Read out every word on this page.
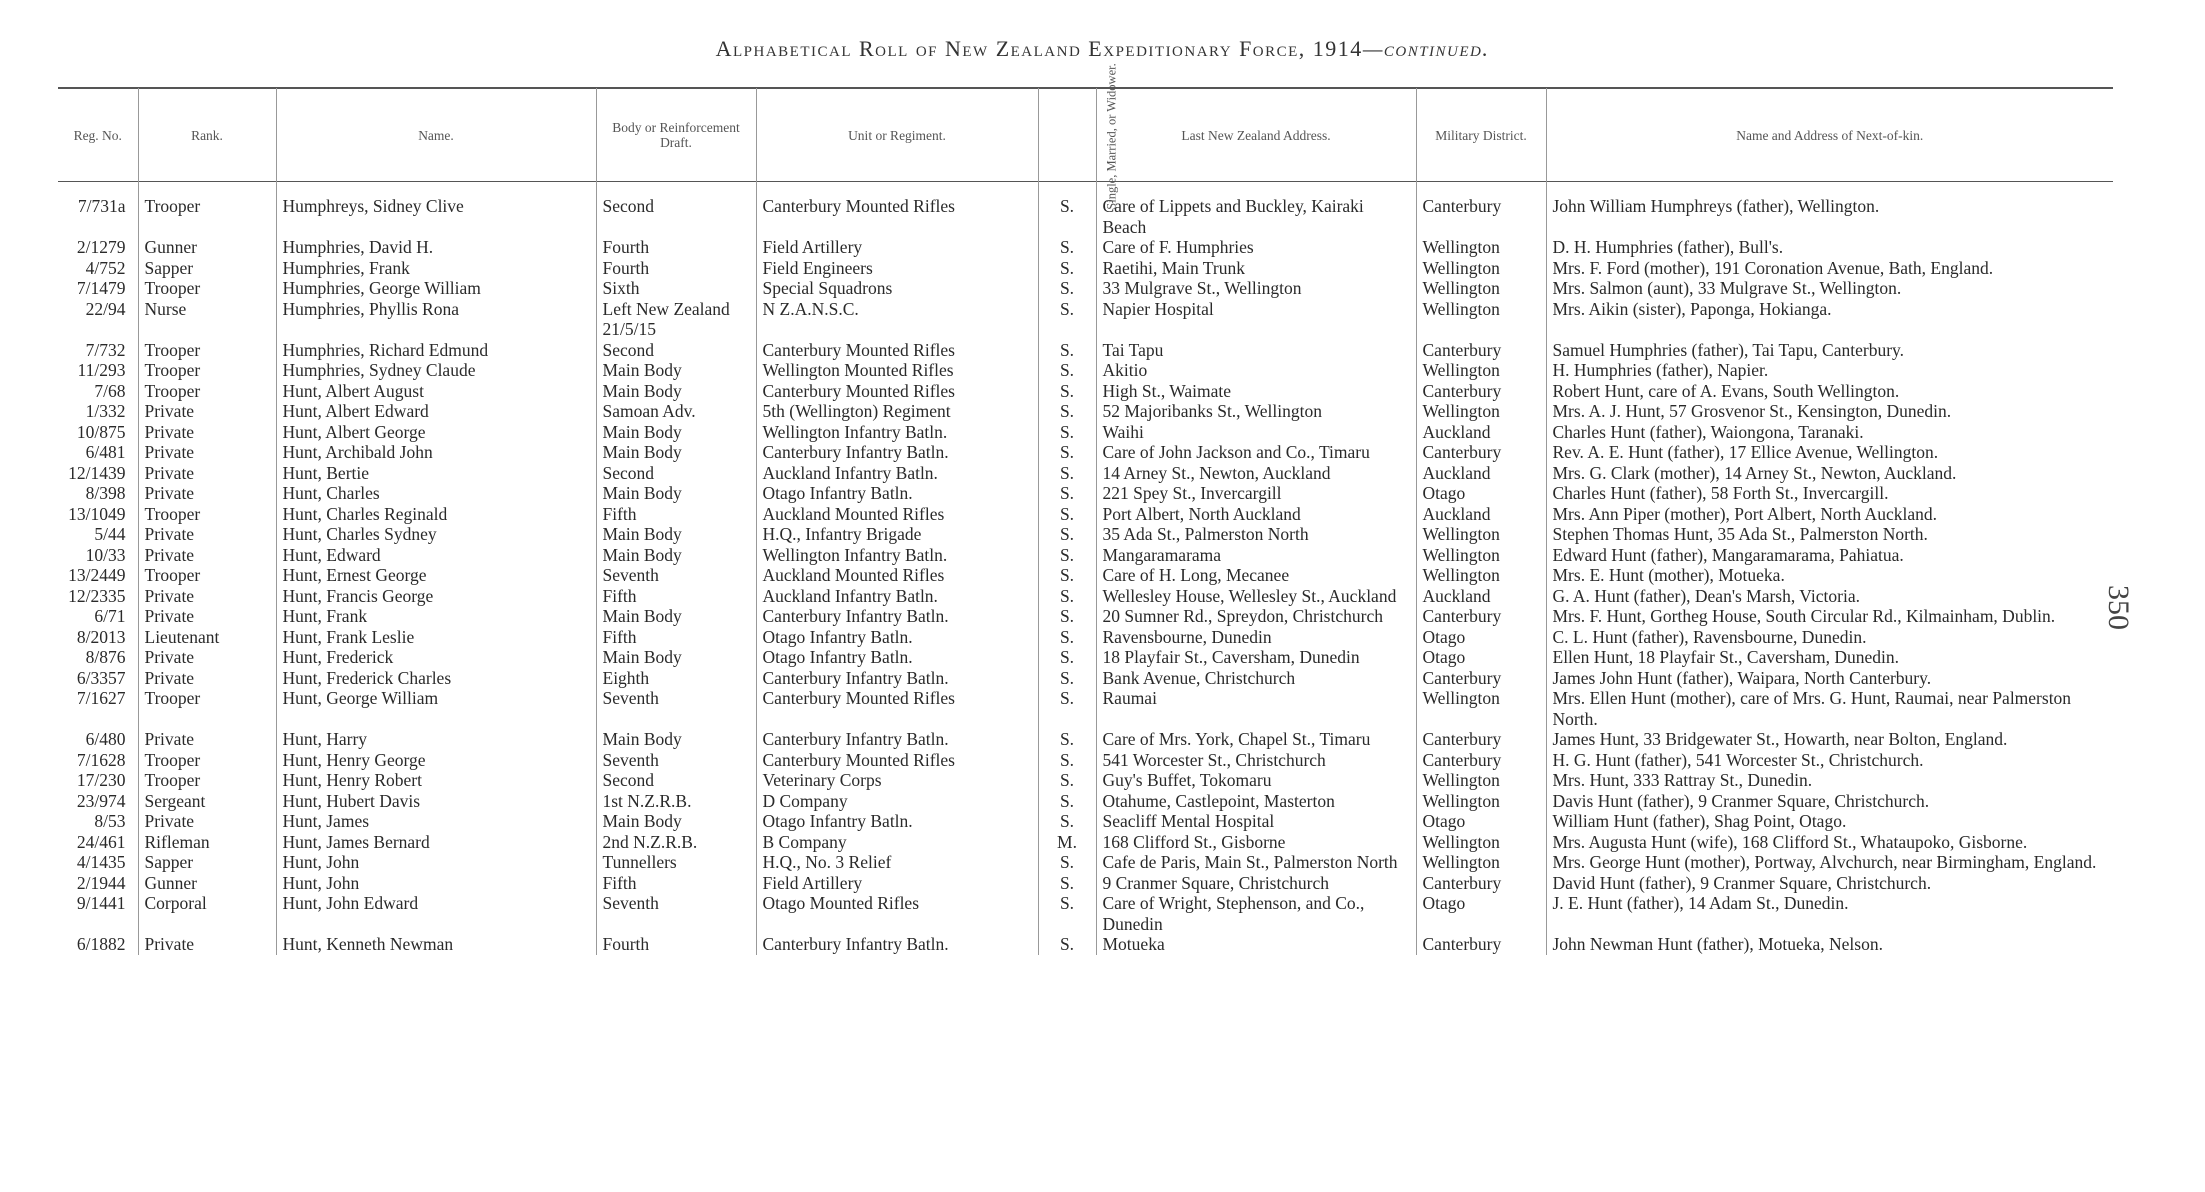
Alphabetical Roll of New Zealand Expeditionary Force, 1914—continued.
350
Reg. No.	Rank.	Name.	Body or Reinforcement Draft.	Unit or Regiment.	Single, Married, or Widower.	Last New Zealand Address.	Military District.	Name and Address of Next-of-kin.

7/731a	Trooper	Humphreys, Sidney Clive	Second	Canterbury Mounted Rifles	S.	Care of Lippets and Buckley, Kairaki Beach	Canterbury	John William Humphreys (father), Wellington.
2/1279	Gunner	Humphries, David H.	Fourth	Field Artillery	S.	Care of F. Humphries	Wellington	D. H. Humphries (father), Bull's.
4/752	Sapper	Humphries, Frank	Fourth	Field Engineers	S.	Raetihi, Main Trunk	Wellington	Mrs. F. Ford (mother), 191 Coronation Avenue, Bath, England.
7/1479	Trooper	Humphries, George William	Sixth	Special Squadrons	S.	33 Mulgrave St., Wellington	Wellington	Mrs. Salmon (aunt), 33 Mulgrave St., Wellington.
22/94	Nurse	Humphries, Phyllis Rona	Left New Zealand 21/5/15	N Z.A.N.S.C.	S.	Napier Hospital	Wellington	Mrs. Aikin (sister), Paponga, Hokianga.
7/732	Trooper	Humphries, Richard Edmund	Second	Canterbury Mounted Rifles	S.	Tai Tapu	Canterbury	Samuel Humphries (father), Tai Tapu, Canterbury.
11/293	Trooper	Humphries, Sydney Claude	Main Body	Wellington Mounted Rifles	S.	Akitio	Wellington	H. Humphries (father), Napier.
7/68	Trooper	Hunt, Albert August	Main Body	Canterbury Mounted Rifles	S.	High St., Waimate	Canterbury	Robert Hunt, care of A. Evans, South Wellington.
1/332	Private	Hunt, Albert Edward	Samoan Adv.	5th (Wellington) Regiment	S.	52 Majoribanks St., Wellington	Wellington	Mrs. A. J. Hunt, 57 Grosvenor St., Kensington, Dunedin.
10/875	Private	Hunt, Albert George	Main Body	Wellington Infantry Batln.	S.	Waihi	Auckland	Charles Hunt (father), Waiongona, Taranaki.
6/481	Private	Hunt, Archibald John	Main Body	Canterbury Infantry Batln.	S.	Care of John Jackson and Co., Timaru	Canterbury	Rev. A. E. Hunt (father), 17 Ellice Avenue, Wellington.
12/1439	Private	Hunt, Bertie	Second	Auckland Infantry Batln.	S.	14 Arney St., Newton, Auckland	Auckland	Mrs. G. Clark (mother), 14 Arney St., Newton, Auckland.
8/398	Private	Hunt, Charles	Main Body	Otago Infantry Batln.	S.	221 Spey St., Invercargill	Otago	Charles Hunt (father), 58 Forth St., Invercargill.
13/1049	Trooper	Hunt, Charles Reginald	Fifth	Auckland Mounted Rifles	S.	Port Albert, North Auckland	Auckland	Mrs. Ann Piper (mother), Port Albert, North Auckland.
5/44	Private	Hunt, Charles Sydney	Main Body	H.Q., Infantry Brigade	S.	35 Ada St., Palmerston North	Wellington	Stephen Thomas Hunt, 35 Ada St., Palmerston North.
10/33	Private	Hunt, Edward	Main Body	Wellington Infantry Batln.	S.	Mangaramarama	Wellington	Edward Hunt (father), Mangaramarama, Pahiatua.
13/2449	Trooper	Hunt, Ernest George	Seventh	Auckland Mounted Rifles	S.	Care of H. Long, Mecanee	Wellington	Mrs. E. Hunt (mother), Motueka.
12/2335	Private	Hunt, Francis George	Fifth	Auckland Infantry Batln.	S.	Wellesley House, Wellesley St., Auckland	Auckland	G. A. Hunt (father), Dean's Marsh, Victoria.
6/71	Private	Hunt, Frank	Main Body	Canterbury Infantry Batln.	S.	20 Sumner Rd., Spreydon, Christchurch	Canterbury	Mrs. F. Hunt, Gortheg House, South Circular Rd., Kilmainham, Dublin.
8/2013	Lieutenant	Hunt, Frank Leslie	Fifth	Otago Infantry Batln.	S.	Ravensbourne, Dunedin	Otago	C. L. Hunt (father), Ravensbourne, Dunedin.
8/876	Private	Hunt, Frederick	Main Body	Otago Infantry Batln.	S.	18 Playfair St., Caversham, Dunedin	Otago	Ellen Hunt, 18 Playfair St., Caversham, Dunedin.
6/3357	Private	Hunt, Frederick Charles	Eighth	Canterbury Infantry Batln.	S.	Bank Avenue, Christchurch	Canterbury	James John Hunt (father), Waipara, North Canterbury.
7/1627	Trooper	Hunt, George William	Seventh	Canterbury Mounted Rifles	S.	Raumai	Wellington	Mrs. Ellen Hunt (mother), care of Mrs. G. Hunt, Raumai, near Palmerston North.
6/480	Private	Hunt, Harry	Main Body	Canterbury Infantry Batln.	S.	Care of Mrs. York, Chapel St., Timaru	Canterbury	James Hunt, 33 Bridgewater St., Howarth, near Bolton, England.
7/1628	Trooper	Hunt, Henry George	Seventh	Canterbury Mounted Rifles	S.	541 Worcester St., Christchurch	Canterbury	H. G. Hunt (father), 541 Worcester St., Christchurch.
17/230	Trooper	Hunt, Henry Robert	Second	Veterinary Corps	S.	Guy's Buffet, Tokomaru	Wellington	Mrs. Hunt, 333 Rattray St., Dunedin.
23/974	Sergeant	Hunt, Hubert Davis	1st N.Z.R.B.	D Company	S.	Otahume, Castlepoint, Masterton	Wellington	Davis Hunt (father), 9 Cranmer Square, Christchurch.
8/53	Private	Hunt, James	Main Body	Otago Infantry Batln.	S.	Seacliff Mental Hospital	Otago	William Hunt (father), Shag Point, Otago.
24/461	Rifleman	Hunt, James Bernard	2nd N.Z.R.B.	B Company	M.	168 Clifford St., Gisborne	Wellington	Mrs. Augusta Hunt (wife), 168 Clifford St., Whataupoko, Gisborne.
4/1435	Sapper	Hunt, John	Tunnellers	H.Q., No. 3 Relief	S.	Cafe de Paris, Main St., Palmerston North	Wellington	Mrs. George Hunt (mother), Portway, Alvchurch, near Birmingham, England.
2/1944	Gunner	Hunt, John	Fifth	Field Artillery	S.	9 Cranmer Square, Christchurch	Canterbury	David Hunt (father), 9 Cranmer Square, Christchurch.
9/1441	Corporal	Hunt, John Edward	Seventh	Otago Mounted Rifles	S.	Care of Wright, Stephenson, and Co., Dunedin	Otago	J. E. Hunt (father), 14 Adam St., Dunedin.
6/1882	Private	Hunt, Kenneth Newman	Fourth	Canterbury Infantry Batln.	S.	Motueka	Canterbury	John Newman Hunt (father), Motueka, Nelson.
